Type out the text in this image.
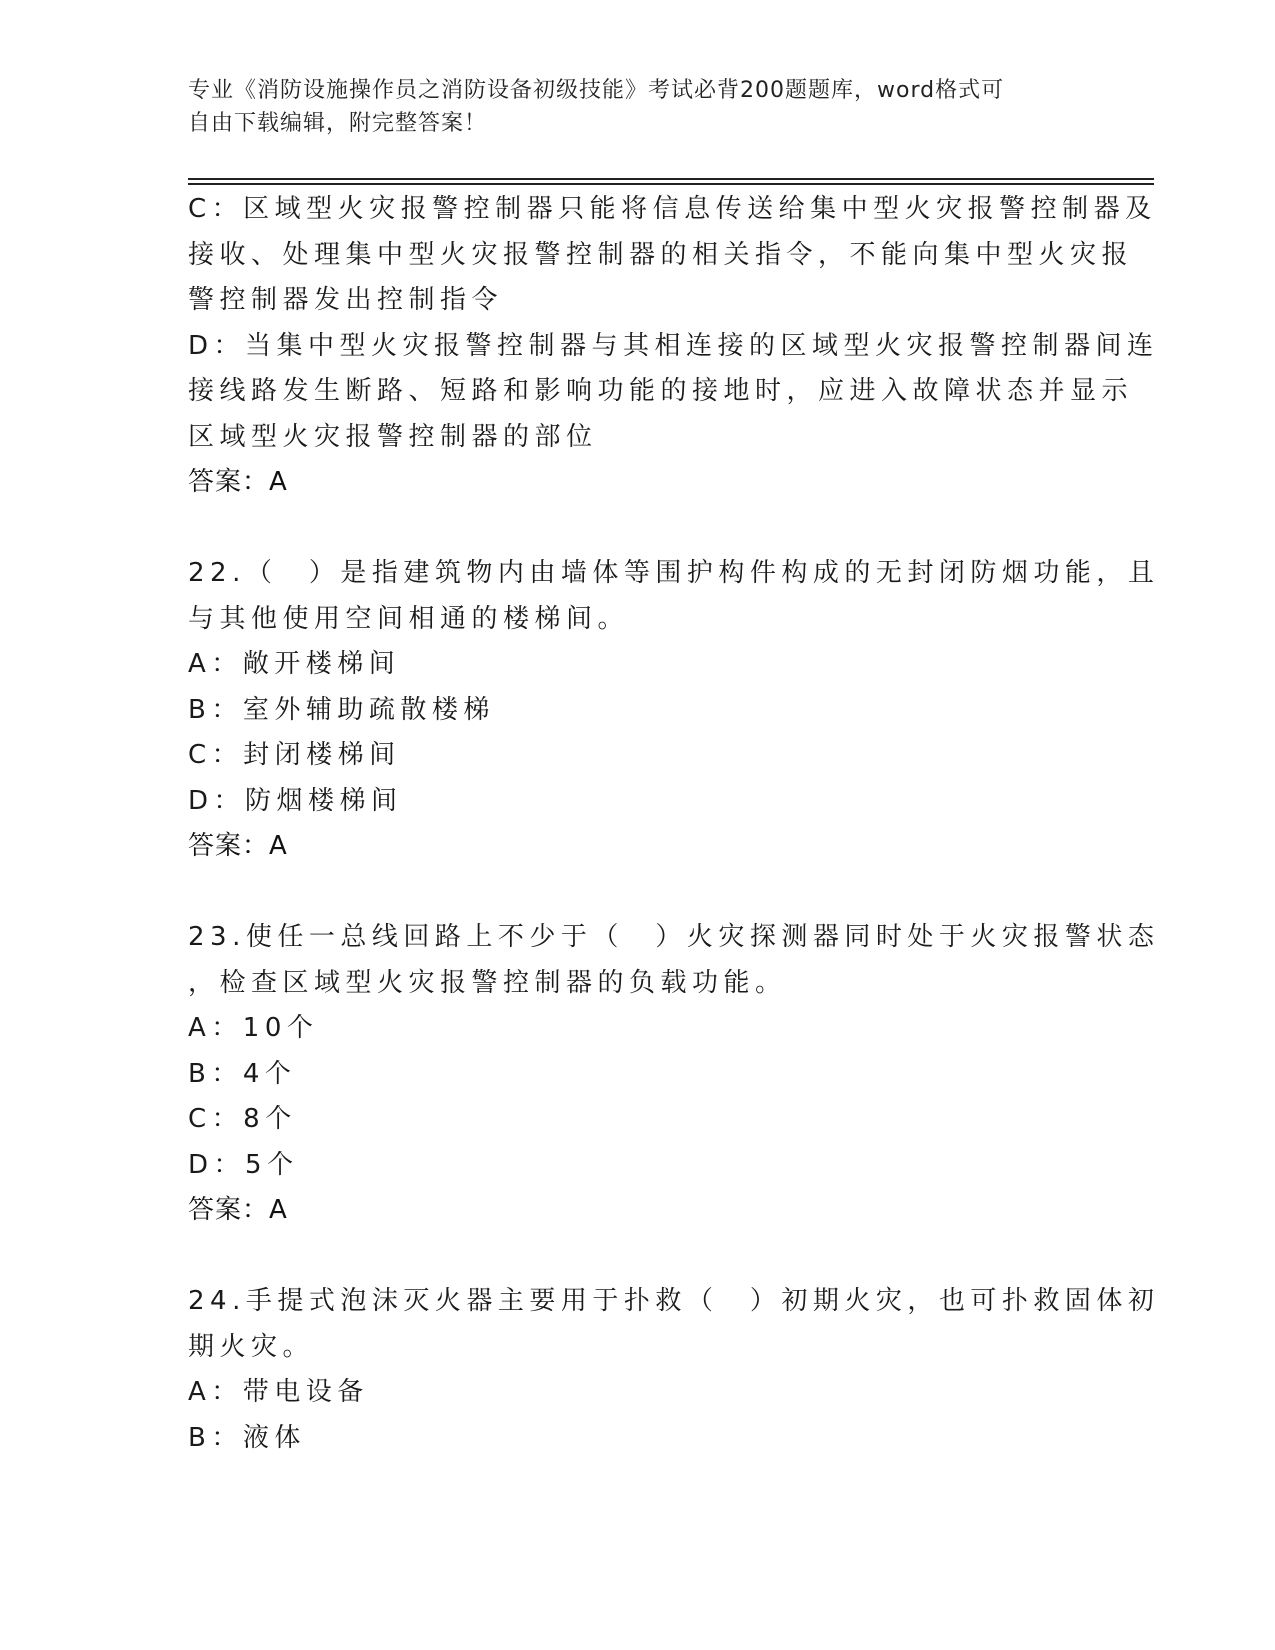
专业《消防设施操作员之消防设备初级技能》考试必背200题题库，word格式可
自由下载编辑，附完整答案！
C：区域型火灾报警控制器只能将信息传送给集中型火灾报警控制器及
接收、处理集中型火灾报警控制器的相关指令，不能向集中型火灾报
警控制器发出控制指令
D：当集中型火灾报警控制器与其相连接的区域型火灾报警控制器间连
接线路发生断路、短路和影响功能的接地时，应进入故障状态并显示
区域型火灾报警控制器的部位
答案：A
22.（　）是指建筑物内由墙体等围护构件构成的无封闭防烟功能，且
与其他使用空间相通的楼梯间。
A：敞开楼梯间
B：室外辅助疏散楼梯
C：封闭楼梯间
D：防烟楼梯间
答案：A
23.使任一总线回路上不少于（　）火灾探测器同时处于火灾报警状态
，检查区域型火灾报警控制器的负载功能。
A：10个
B：4个
C：8个
D：5个
答案：A
24.手提式泡沫灭火器主要用于扑救（　）初期火灾，也可扑救固体初
期火灾。
A：带电设备
B：液体
